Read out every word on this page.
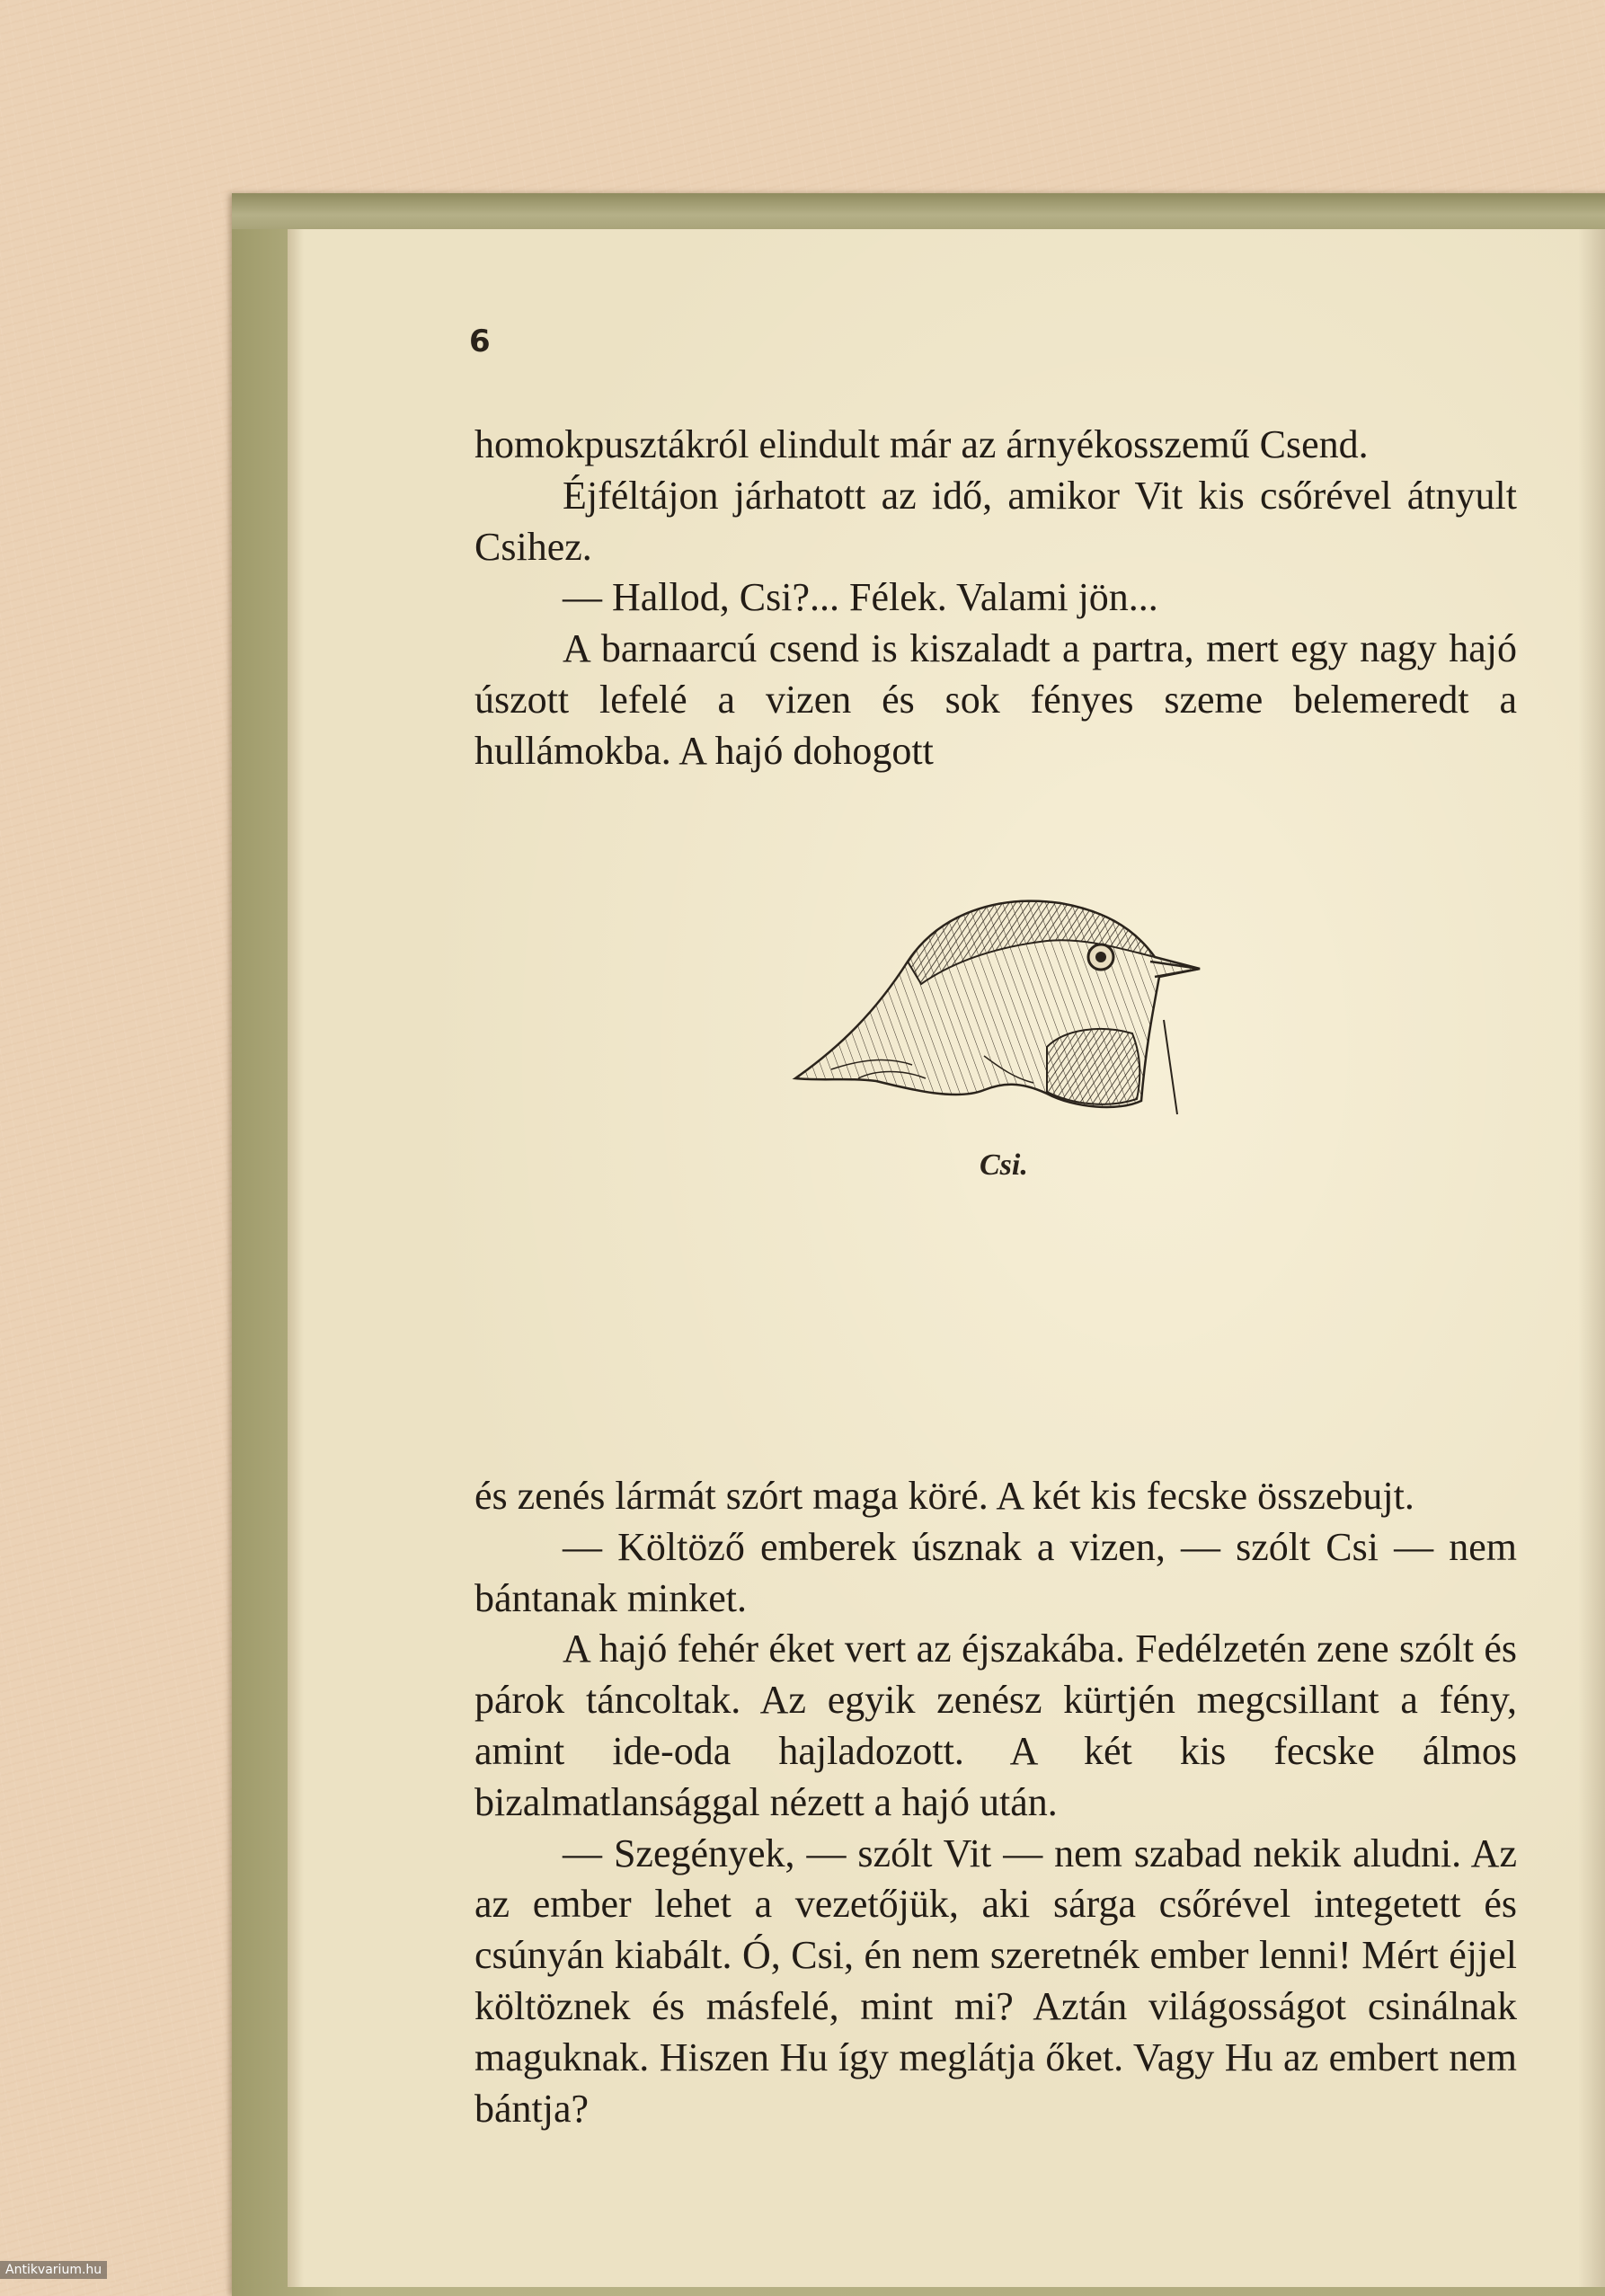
6

homokpusztákról elindult már az árnyékosszemű Csend.

Éjféltájon járhatott az idő, amikor Vit kis csőrével átnyult Csihez.

— Hallod, Csi?... Félek. Valami jön...

A barnaarcú csend is kiszaladt a partra, mert egy nagy hajó úszott lefelé a vizen és sok fényes szeme belemeredt a hullámokba. A hajó dohogott

Csi.

és zenés lármát szórt maga köré. A két kis fecske összebujt.

— Költöző emberek úsznak a vizen, — szólt Csi — nem bántanak minket.

A hajó fehér éket vert az éjszakába. Fedélzetén zene szólt és párok táncoltak. Az egyik zenész kürtjén megcsillant a fény, amint ide-oda hajladozott. A két kis fecske álmos bizalmatlansággal nézett a hajó után.

— Szegények, — szólt Vit — nem szabad nekik aludni. Az az ember lehet a vezetőjük, aki sárga csőrével integetett és csúnyán kiabált. Ó, Csi, én nem szeretnék ember lenni! Mért éjjel költöznek és másfelé, mint mi? Aztán világosságot csinálnak maguknak. Hiszen Hu így meglátja őket. Vagy Hu az embert nem bántja?

Antikvarium.hu
